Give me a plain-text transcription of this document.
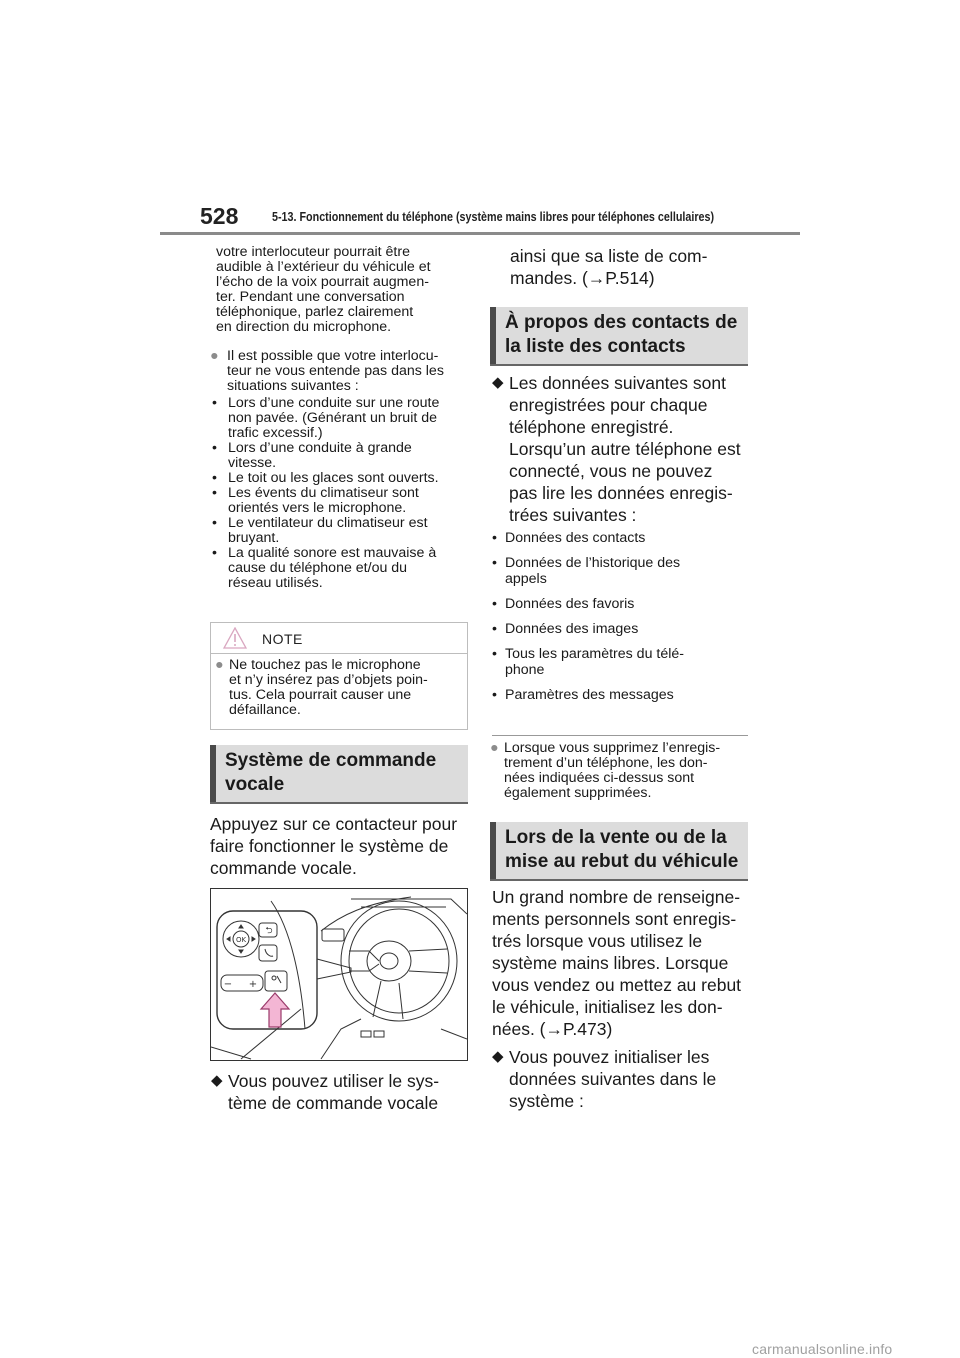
528	5-13. Fonctionnement du téléphone (système mains libres pour téléphones cellulaires)
votre interlocuteur pourrait être
audible à l’extérieur du véhicule et
l’écho de la voix pourrait augmen-
ter. Pendant une conversation
téléphonique, parlez clairement
en direction du microphone.
● Il est possible que votre interlocu-
teur ne vous entende pas dans les
situations suivantes :
• Lors d’une conduite sur une route
non pavée. (Générant un bruit de
trafic excessif.)
• Lors d’une conduite à grande
vitesse.
• Le toit ou les glaces sont ouverts.
• Les évents du climatiseur sont
orientés vers le microphone.
• Le ventilateur du climatiseur est
bruyant.
• La qualité sonore est mauvaise à
cause du téléphone et/ou du
réseau utilisés.
NOTE
● Ne touchez pas le microphone
et n’y insérez pas d’objets poin-
tus. Cela pourrait causer une
défaillance.
Système de commande
vocale
Appuyez sur ce contacteur pour
faire fonctionner le système de
commande vocale.
OK
⮌
− +
◆ Vous pouvez utiliser le sys-
tème de commande vocale
ainsi que sa liste de com-
mandes. (→P.514)
À propos des contacts de
la liste des contacts
◆ Les données suivantes sont
enregistrées pour chaque
téléphone enregistré.
Lorsqu’un autre téléphone est
connecté, vous ne pouvez
pas lire les données enregis-
trées suivantes :
• Données des contacts
• Données de l’historique des
appels
• Données des favoris
• Données des images
• Tous les paramètres du télé-
phone
• Paramètres des messages
● Lorsque vous supprimez l’enregis-
trement d’un téléphone, les don-
nées indiquées ci-dessus sont
également supprimées.
Lors de la vente ou de la
mise au rebut du véhicule
Un grand nombre de renseigne-
ments personnels sont enregis-
trés lorsque vous utilisez le
système mains libres. Lorsque
vous vendez ou mettez au rebut
le véhicule, initialisez les don-
nées. (→P.473)
◆ Vous pouvez initialiser les
données suivantes dans le
système :
carmanualsonline.info
